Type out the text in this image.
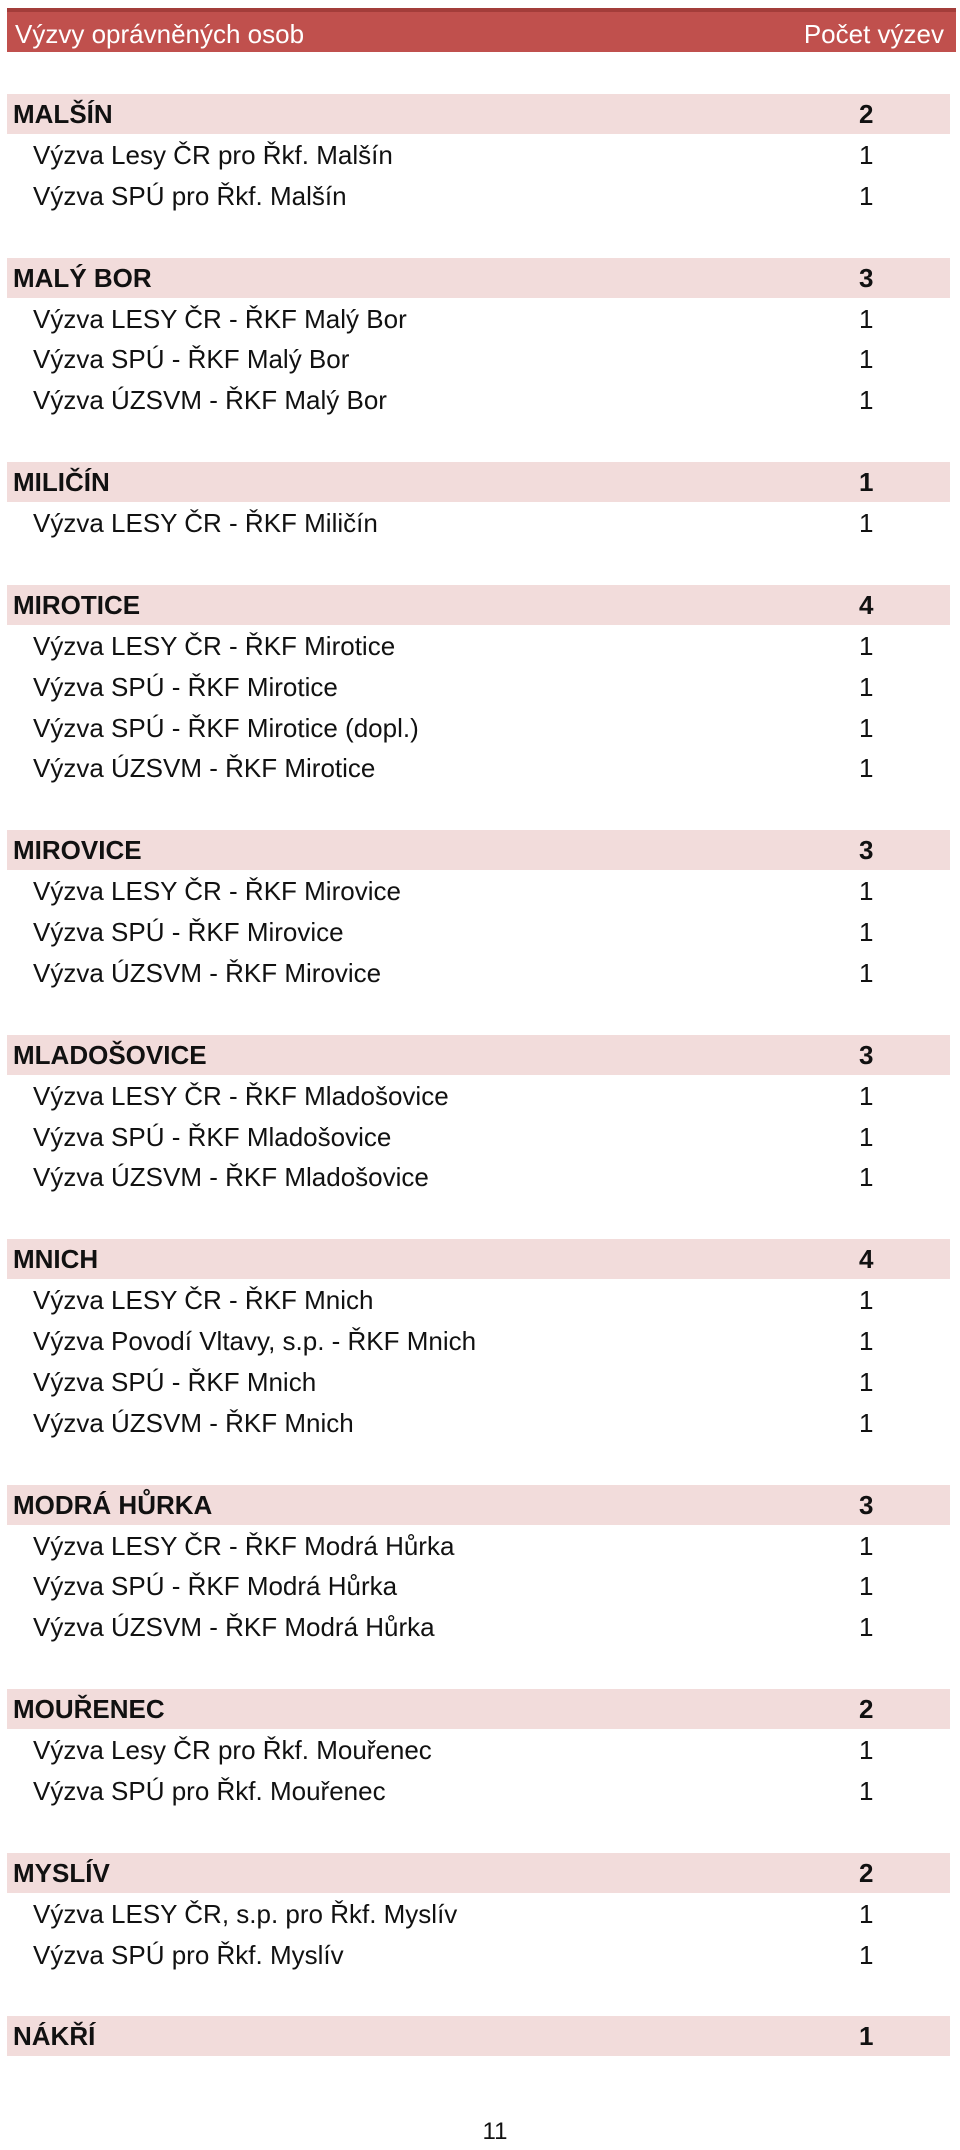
Výzvy oprávněných osob	Počet výzev
MALŠÍN	2
Výzva Lesy ČR pro Řkf. Malšín	1
Výzva SPÚ pro Řkf. Malšín	1
MALÝ BOR	3
Výzva LESY ČR - ŘKF Malý Bor	1
Výzva SPÚ - ŘKF Malý Bor	1
Výzva ÚZSVM - ŘKF Malý Bor	1
MILIČÍN	1
Výzva LESY ČR - ŘKF Miličín	1
MIROTICE	4
Výzva LESY ČR - ŘKF Mirotice	1
Výzva SPÚ - ŘKF Mirotice	1
Výzva SPÚ - ŘKF Mirotice (dopl.)	1
Výzva ÚZSVM - ŘKF Mirotice	1
MIROVICE	3
Výzva LESY ČR - ŘKF Mirovice	1
Výzva SPÚ - ŘKF Mirovice	1
Výzva ÚZSVM - ŘKF Mirovice	1
MLADOŠOVICE	3
Výzva LESY ČR - ŘKF Mladošovice	1
Výzva SPÚ - ŘKF Mladošovice	1
Výzva ÚZSVM - ŘKF Mladošovice	1
MNICH	4
Výzva LESY ČR - ŘKF Mnich	1
Výzva Povodí Vltavy, s.p. - ŘKF Mnich	1
Výzva SPÚ - ŘKF Mnich	1
Výzva ÚZSVM - ŘKF Mnich	1
MODRÁ HŮRKA	3
Výzva LESY ČR - ŘKF Modrá Hůrka	1
Výzva SPÚ - ŘKF Modrá Hůrka	1
Výzva ÚZSVM - ŘKF Modrá Hůrka	1
MOUŘENEC	2
Výzva Lesy ČR pro Řkf. Mouřenec	1
Výzva SPÚ pro Řkf. Mouřenec	1
MYSLÍV	2
Výzva LESY ČR, s.p. pro Řkf. Myslív	1
Výzva SPÚ pro Řkf. Myslív	1
NÁKŘÍ	1
11
